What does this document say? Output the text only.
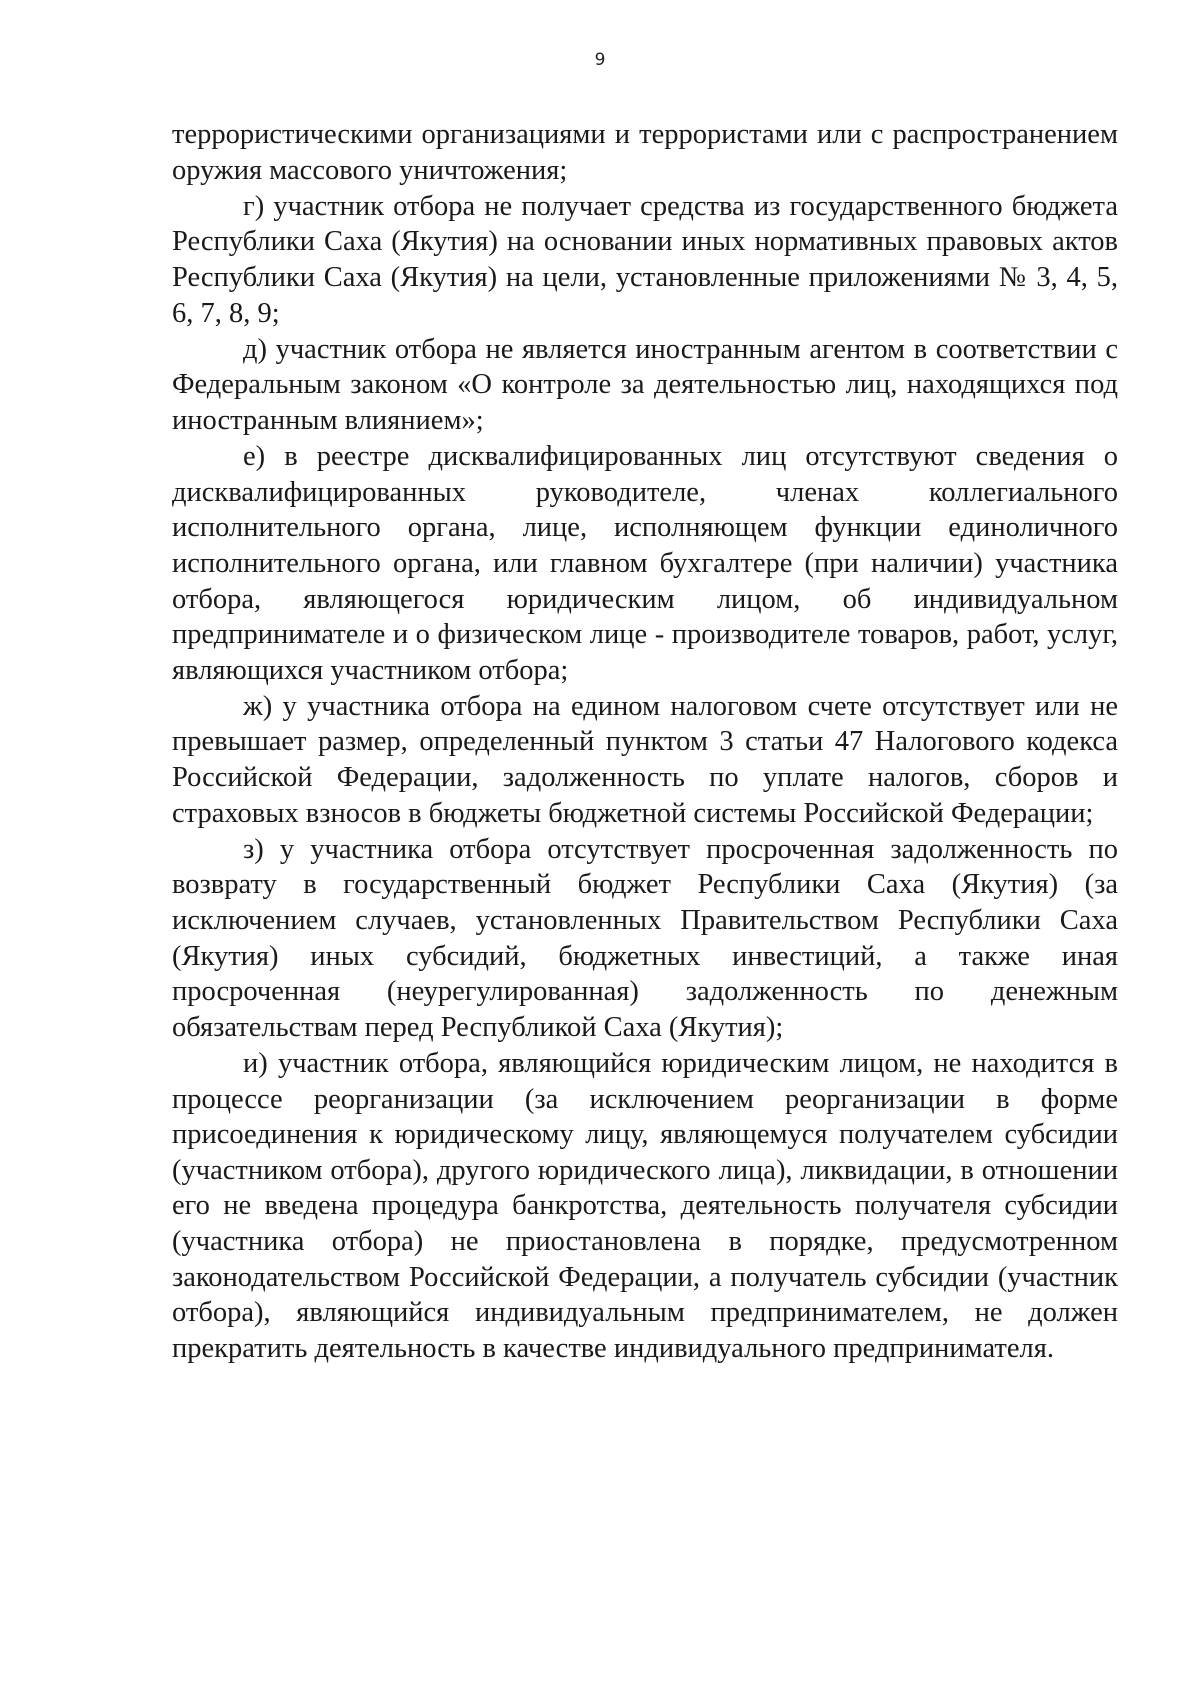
9

террористическими организациями и террористами или с распространением оружия массового уничтожения;

г) участник отбора не получает средства из государственного бюджета Республики Саха (Якутия) на основании иных нормативных правовых актов Республики Саха (Якутия) на цели, установленные приложениями № 3, 4, 5, 6, 7, 8, 9;

д) участник отбора не является иностранным агентом в соответствии с Федеральным законом «О контроле за деятельностью лиц, находящихся под иностранным влиянием»;

е) в реестре дисквалифицированных лиц отсутствуют сведения о дисквалифицированных руководителе, членах коллегиального исполнительного органа, лице, исполняющем функции единоличного исполнительного органа, или главном бухгалтере (при наличии) участника отбора, являющегося юридическим лицом, об индивидуальном предпринимателе и о физическом лице - производителе товаров, работ, услуг, являющихся участником отбора;

ж) у участника отбора на едином налоговом счете отсутствует или не превышает размер, определенный пунктом 3 статьи 47 Налогового кодекса Российской Федерации, задолженность по уплате налогов, сборов и страховых взносов в бюджеты бюджетной системы Российской Федерации;

з) у участника отбора отсутствует просроченная задолженность по возврату в государственный бюджет Республики Саха (Якутия) (за исключением случаев, установленных Правительством Республики Саха (Якутия) иных субсидий, бюджетных инвестиций, а также иная просроченная (неурегулированная) задолженность по денежным обязательствам перед Республикой Саха (Якутия);

и) участник отбора, являющийся юридическим лицом, не находится в процессе реорганизации (за исключением реорганизации в форме присоединения к юридическому лицу, являющемуся получателем субсидии (участником отбора), другого юридического лица), ликвидации, в отношении его не введена процедура банкротства, деятельность получателя субсидии (участника отбора) не приостановлена в порядке, предусмотренном законодательством Российской Федерации, а получатель субсидии (участник отбора), являющийся индивидуальным предпринимателем, не должен прекратить деятельность в качестве индивидуального предпринимателя.
